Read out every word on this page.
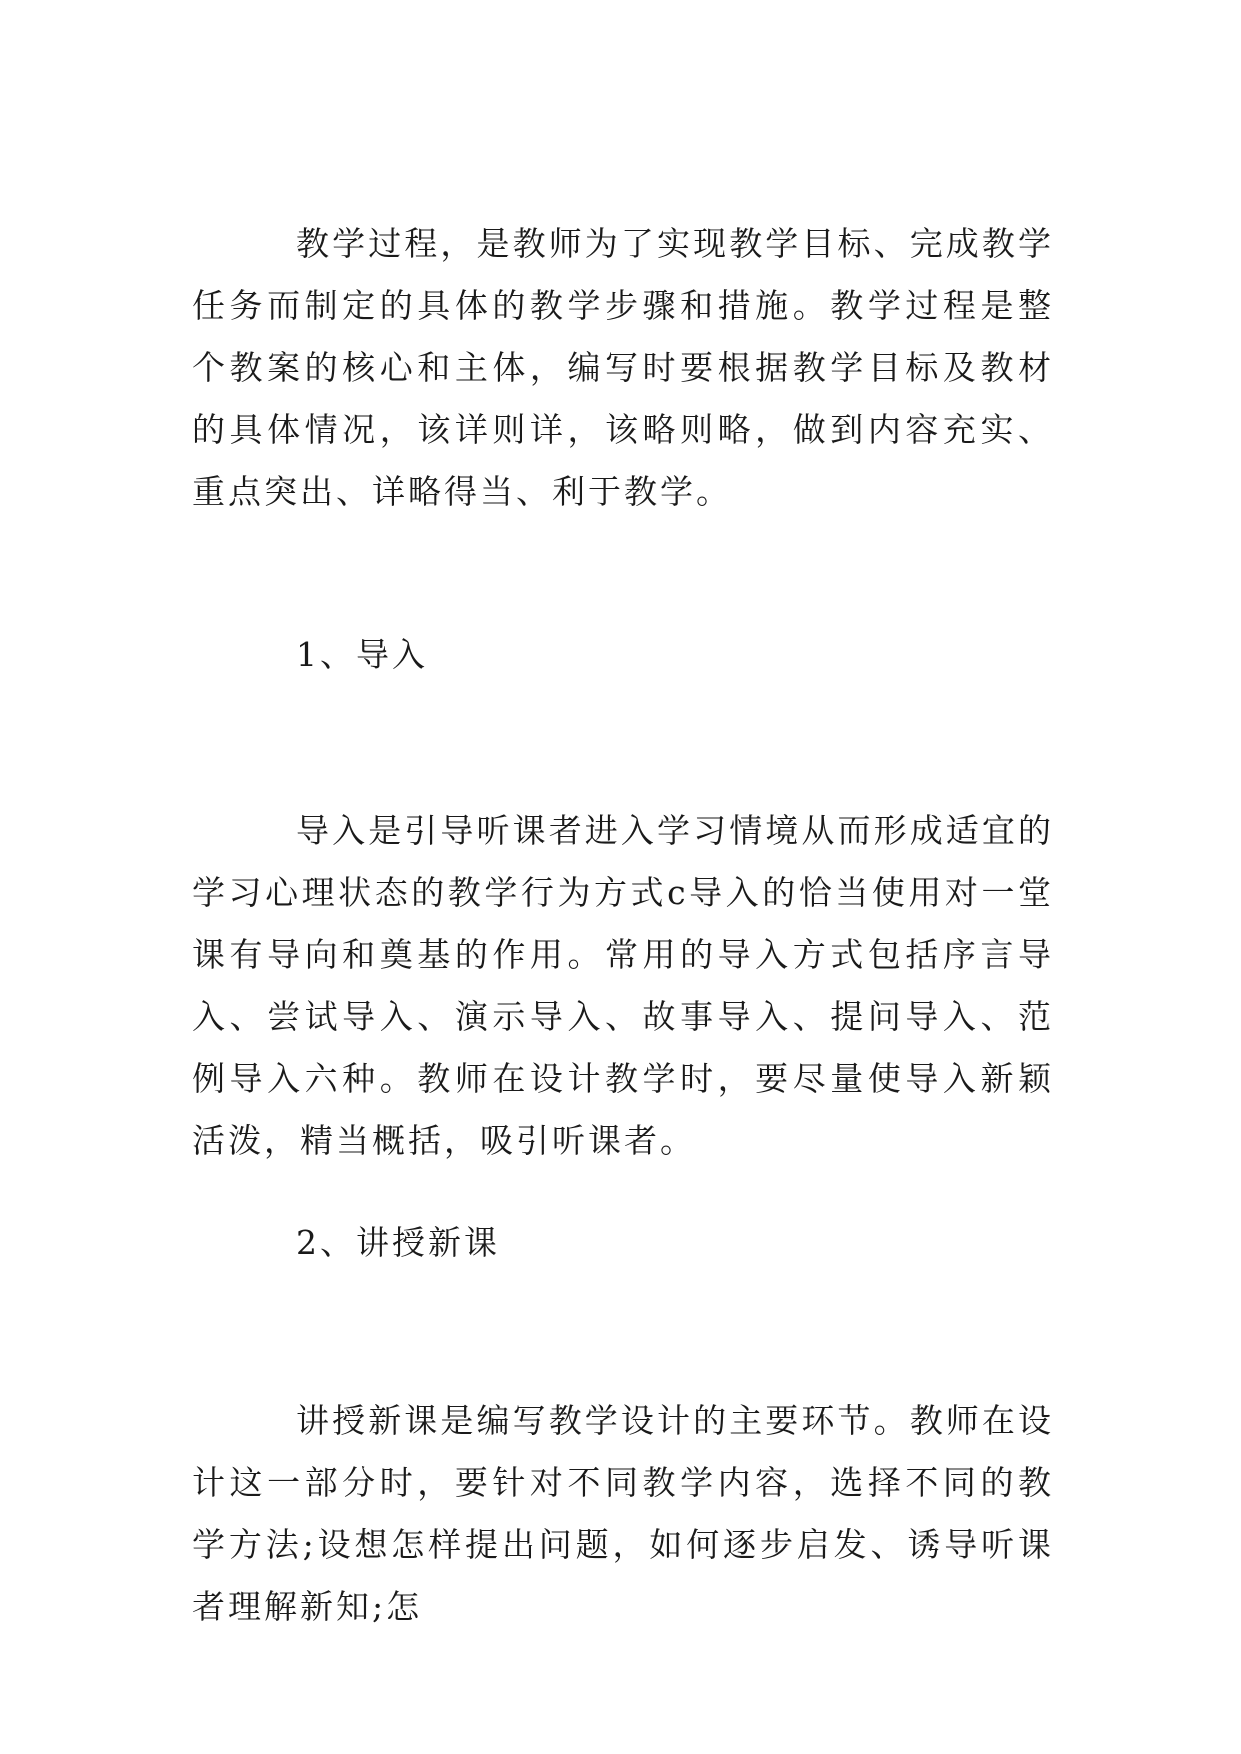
教学过程，是教师为了实现教学目标、完成教学任务而制定的具体的教学步骤和措施。教学过程是整个教案的核心和主体，编写时要根据教学目标及教材的具体情况，该详则详，该略则略，做到内容充实、重点突出、详略得当、利于教学。

1、导入

导入是引导听课者进入学习情境从而形成适宜的学习心理状态的教学行为方式c导入的恰当使用对一堂课有导向和奠基的作用。常用的导入方式包括序言导入、尝试导入、演示导入、故事导入、提问导入、范例导入六种。教师在设计教学时，要尽量使导入新颖活泼，精当概括，吸引听课者。

2、讲授新课

讲授新课是编写教学设计的主要环节。教师在设计这一部分时，要针对不同教学内容，选择不同的教学方法;设想怎样提出问题，如何逐步启发、诱导听课者理解新知;怎
